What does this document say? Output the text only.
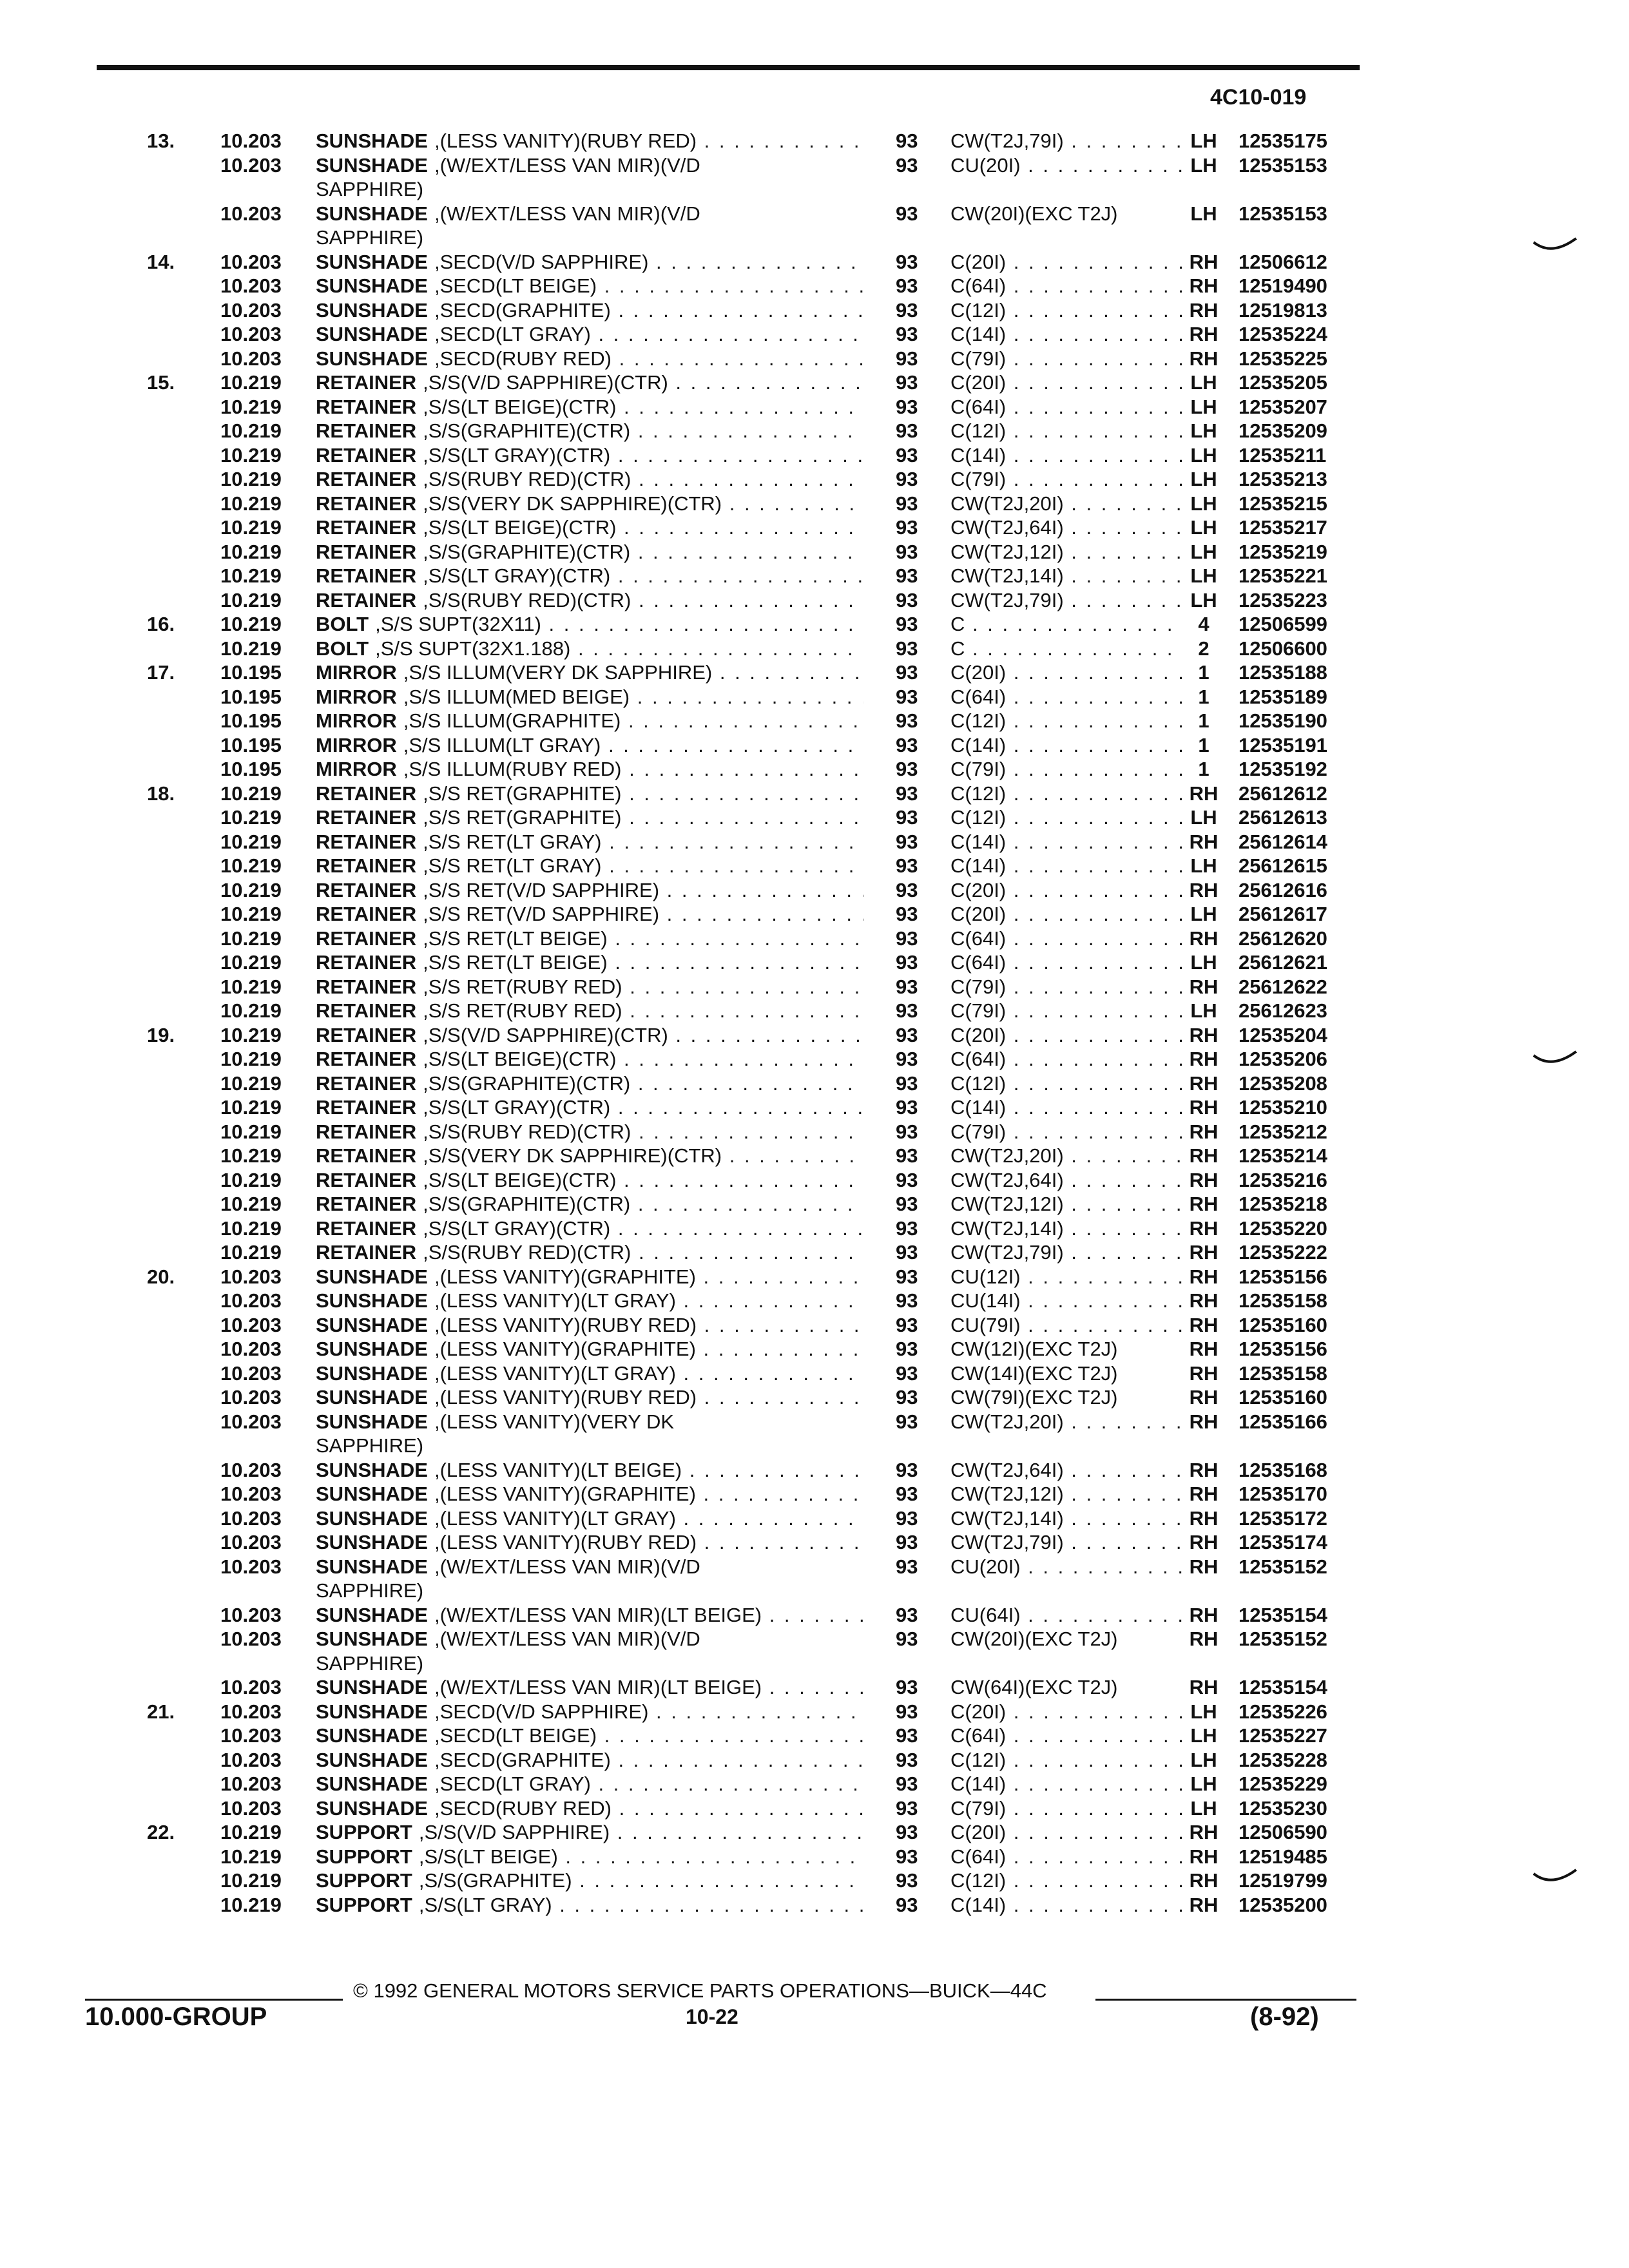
4C10-019
13. 10.203 SUNSHADE ,(LESS VANITY)(RUBY RED) . . .	93 CW(T2J,79I) . . .	LH	12535175
10.203 SUNSHADE ,(W/EXT/LESS VAN MIR)(V/D
SAPPHIRE)
93 CU(20I) . . .	LH	12535153
10.203 SUNSHADE ,(W/EXT/LESS VAN MIR)(V/D
SAPPHIRE)
93 CW(20I)(EXC T2J)	LH	12535153
14. 10.203 SUNSHADE ,SECD(V/D SAPPHIRE) . . .	93 C(20I) . . .	RH 12506612
10.203 SUNSHADE ,SECD(LT BEIGE) . . .	93 C(64I) . . .	RH 12519490
10.203 SUNSHADE ,SECD(GRAPHITE) . . .	93 C(12I) . . .	RH 12519813
10.203 SUNSHADE ,SECD(LT GRAY) . . .	93 C(14I) . . .	RH 12535224
10.203 SUNSHADE ,SECD(RUBY RED) . . .	93 C(79I) . . .	RH 12535225
15. 10.219 RETAINER ,S/S(V/D SAPPHIRE)(CTR) . . .	93 C(20I) . . .	LH	12535205
10.219 RETAINER ,S/S(LT BEIGE)(CTR) . . .	93 C(64I) . . .	LH	12535207
10.219 RETAINER ,S/S(GRAPHITE)(CTR) . . .	93 C(12I) . . .	LH	12535209
10.219 RETAINER ,S/S(LT GRAY)(CTR) . . .	93 C(14I) . . .	LH	12535211
10.219 RETAINER ,S/S(RUBY RED)(CTR) . . .	93 C(79I) . . .	LH	12535213
10.219 RETAINER ,S/S(VERY DK SAPPHIRE)(CTR) . . .	93 CW(T2J,20I) . . .	LH	12535215
10.219 RETAINER ,S/S(LT BEIGE)(CTR) . . .	93 CW(T2J,64I) . . .	LH	12535217
10.219 RETAINER ,S/S(GRAPHITE)(CTR) . . .	93 CW(T2J,12I) . . .	LH	12535219
10.219 RETAINER ,S/S(LT GRAY)(CTR) . . .	93 CW(T2J,14I) . . .	LH	12535221
10.219 RETAINER ,S/S(RUBY RED)(CTR) . . .	93 CW(T2J,79I) . . .	LH	12535223
16. 10.219 BOLT ,S/S SUPT(32X11) . . .	93 C . . .	4	12506599
10.219 BOLT ,S/S SUPT(32X1.188) . . .	93 C . . .	2	12506600
17. 10.195 MIRROR ,S/S ILLUM(VERY DK SAPPHIRE) . . .	93 C(20I) . . .	1	12535188
10.195 MIRROR ,S/S ILLUM(MED BEIGE) . . .	93 C(64I) . . .	1	12535189
10.195 MIRROR ,S/S ILLUM(GRAPHITE) . . .	93 C(12I) . . .	1	12535190
10.195 MIRROR ,S/S ILLUM(LT GRAY) . . .	93 C(14I) . . .	1	12535191
10.195 MIRROR ,S/S ILLUM(RUBY RED) . . .	93 C(79I) . . .	1	12535192
18. 10.219 RETAINER ,S/S RET(GRAPHITE) . . .	93 C(12I) . . .	RH 25612612
10.219 RETAINER ,S/S RET(GRAPHITE) . . .	93 C(12I) . . .	LH	25612613
10.219 RETAINER ,S/S RET(LT GRAY) . . .	93 C(14I) . . .	RH 25612614
10.219 RETAINER ,S/S RET(LT GRAY) . . .	93 C(14I) . . .	LH	25612615
10.219 RETAINER ,S/S RET(V/D SAPPHIRE) . . .	93 C(20I) . . .	RH 25612616
10.219 RETAINER ,S/S RET(V/D SAPPHIRE) . . .	93 C(20I) . . .	LH	25612617
10.219 RETAINER ,S/S RET(LT BEIGE) . . .	93 C(64I) . . .	RH 25612620
10.219 RETAINER ,S/S RET(LT BEIGE) . . .	93 C(64I) . . .	LH	25612621
10.219 RETAINER ,S/S RET(RUBY RED) . . .	93 C(79I) . . .	RH 25612622
10.219 RETAINER ,S/S RET(RUBY RED) . . .	93 C(79I) . . .	LH	25612623
19. 10.219 RETAINER ,S/S(V/D SAPPHIRE)(CTR) . . .	93 C(20I) . . .	RH 12535204
10.219 RETAINER ,S/S(LT BEIGE)(CTR) . . .	93 C(64I) . . .	RH 12535206
10.219 RETAINER ,S/S(GRAPHITE)(CTR) . . .	93 C(12I) . . .	RH 12535208
10.219 RETAINER ,S/S(LT GRAY)(CTR) . . .	93 C(14I) . . .	RH 12535210
10.219 RETAINER ,S/S(RUBY RED)(CTR) . . .	93 C(79I) . . .	RH 12535212
10.219 RETAINER ,S/S(VERY DK SAPPHIRE)(CTR) . . .	93 CW(T2J,20I) . . .	RH 12535214
10.219 RETAINER ,S/S(LT BEIGE)(CTR) . . .	93 CW(T2J,64I) . . .	RH 12535216
10.219 RETAINER ,S/S(GRAPHITE)(CTR) . . .	93 CW(T2J,12I) . . .	RH 12535218
10.219 RETAINER ,S/S(LT GRAY)(CTR) . . .	93 CW(T2J,14I) . . .	RH 12535220
10.219 RETAINER ,S/S(RUBY RED)(CTR) . . .	93 CW(T2J,79I) . . .	RH 12535222
20. 10.203 SUNSHADE ,(LESS VANITY)(GRAPHITE) . . .	93 CU(12I) . . .	RH 12535156
10.203 SUNSHADE ,(LESS VANITY)(LT GRAY) . . .	93 CU(14I) . . .	RH 12535158
10.203 SUNSHADE ,(LESS VANITY)(RUBY RED) . . .	93 CU(79I) . . .	RH 12535160
10.203 SUNSHADE ,(LESS VANITY)(GRAPHITE) . . .	93 CW(12I)(EXC T2J)	RH 12535156
10.203 SUNSHADE ,(LESS VANITY)(LT GRAY) . . .	93 CW(14I)(EXC T2J)	RH 12535158
10.203 SUNSHADE ,(LESS VANITY)(RUBY RED) . . .	93 CW(79I)(EXC T2J)	RH 12535160
10.203 SUNSHADE ,(LESS VANITY)(VERY DK
SAPPHIRE)
93 CW(T2J,20I) . . .	RH 12535166
10.203 SUNSHADE ,(LESS VANITY)(LT BEIGE) . . .	93 CW(T2J,64I) . . .	RH 12535168
10.203 SUNSHADE ,(LESS VANITY)(GRAPHITE) . . .	93 CW(T2J,12I) . . .	RH 12535170
10.203 SUNSHADE ,(LESS VANITY)(LT GRAY) . . .	93 CW(T2J,14I) . . .	RH 12535172
10.203 SUNSHADE ,(LESS VANITY)(RUBY RED) . . .	93 CW(T2J,79I) . . .	RH 12535174
10.203 SUNSHADE ,(W/EXT/LESS VAN MIR)(V/D
SAPPHIRE)
93 CU(20I) . . .	RH 12535152
10.203 SUNSHADE ,(W/EXT/LESS VAN MIR)(LT BEIGE) . . .	93 CU(64I) . . .	RH 12535154
10.203 SUNSHADE ,(W/EXT/LESS VAN MIR)(V/D
SAPPHIRE)
93 CW(20I)(EXC T2J)	RH 12535152
10.203 SUNSHADE ,(W/EXT/LESS VAN MIR)(LT BEIGE) . . .	93 CW(64I)(EXC T2J)	RH 12535154
21. 10.203 SUNSHADE ,SECD(V/D SAPPHIRE) . . .	93 C(20I) . . .	LH	12535226
10.203 SUNSHADE ,SECD(LT BEIGE) . . .	93 C(64I) . . .	LH	12535227
10.203 SUNSHADE ,SECD(GRAPHITE) . . .	93 C(12I) . . .	LH	12535228
10.203 SUNSHADE ,SECD(LT GRAY) . . .	93 C(14I) . . .	LH	12535229
10.203 SUNSHADE ,SECD(RUBY RED) . . .	93 C(79I) . . .	LH	12535230
22. 10.219 SUPPORT ,S/S(V/D SAPPHIRE) . . .	93 C(20I) . . .	RH 12506590
10.219 SUPPORT ,S/S(LT BEIGE) . . .	93 C(64I) . . .	RH 12519485
10.219 SUPPORT ,S/S(GRAPHITE) . . .	93 C(12I) . . .	RH 12519799
10.219 SUPPORT ,S/S(LT GRAY) . . .	93 C(14I) . . .	RH 12535200
© 1992 GENERAL MOTORS SERVICE PARTS OPERATIONS—BUICK—44C
10.000-GROUP	10-22	(8-92)
